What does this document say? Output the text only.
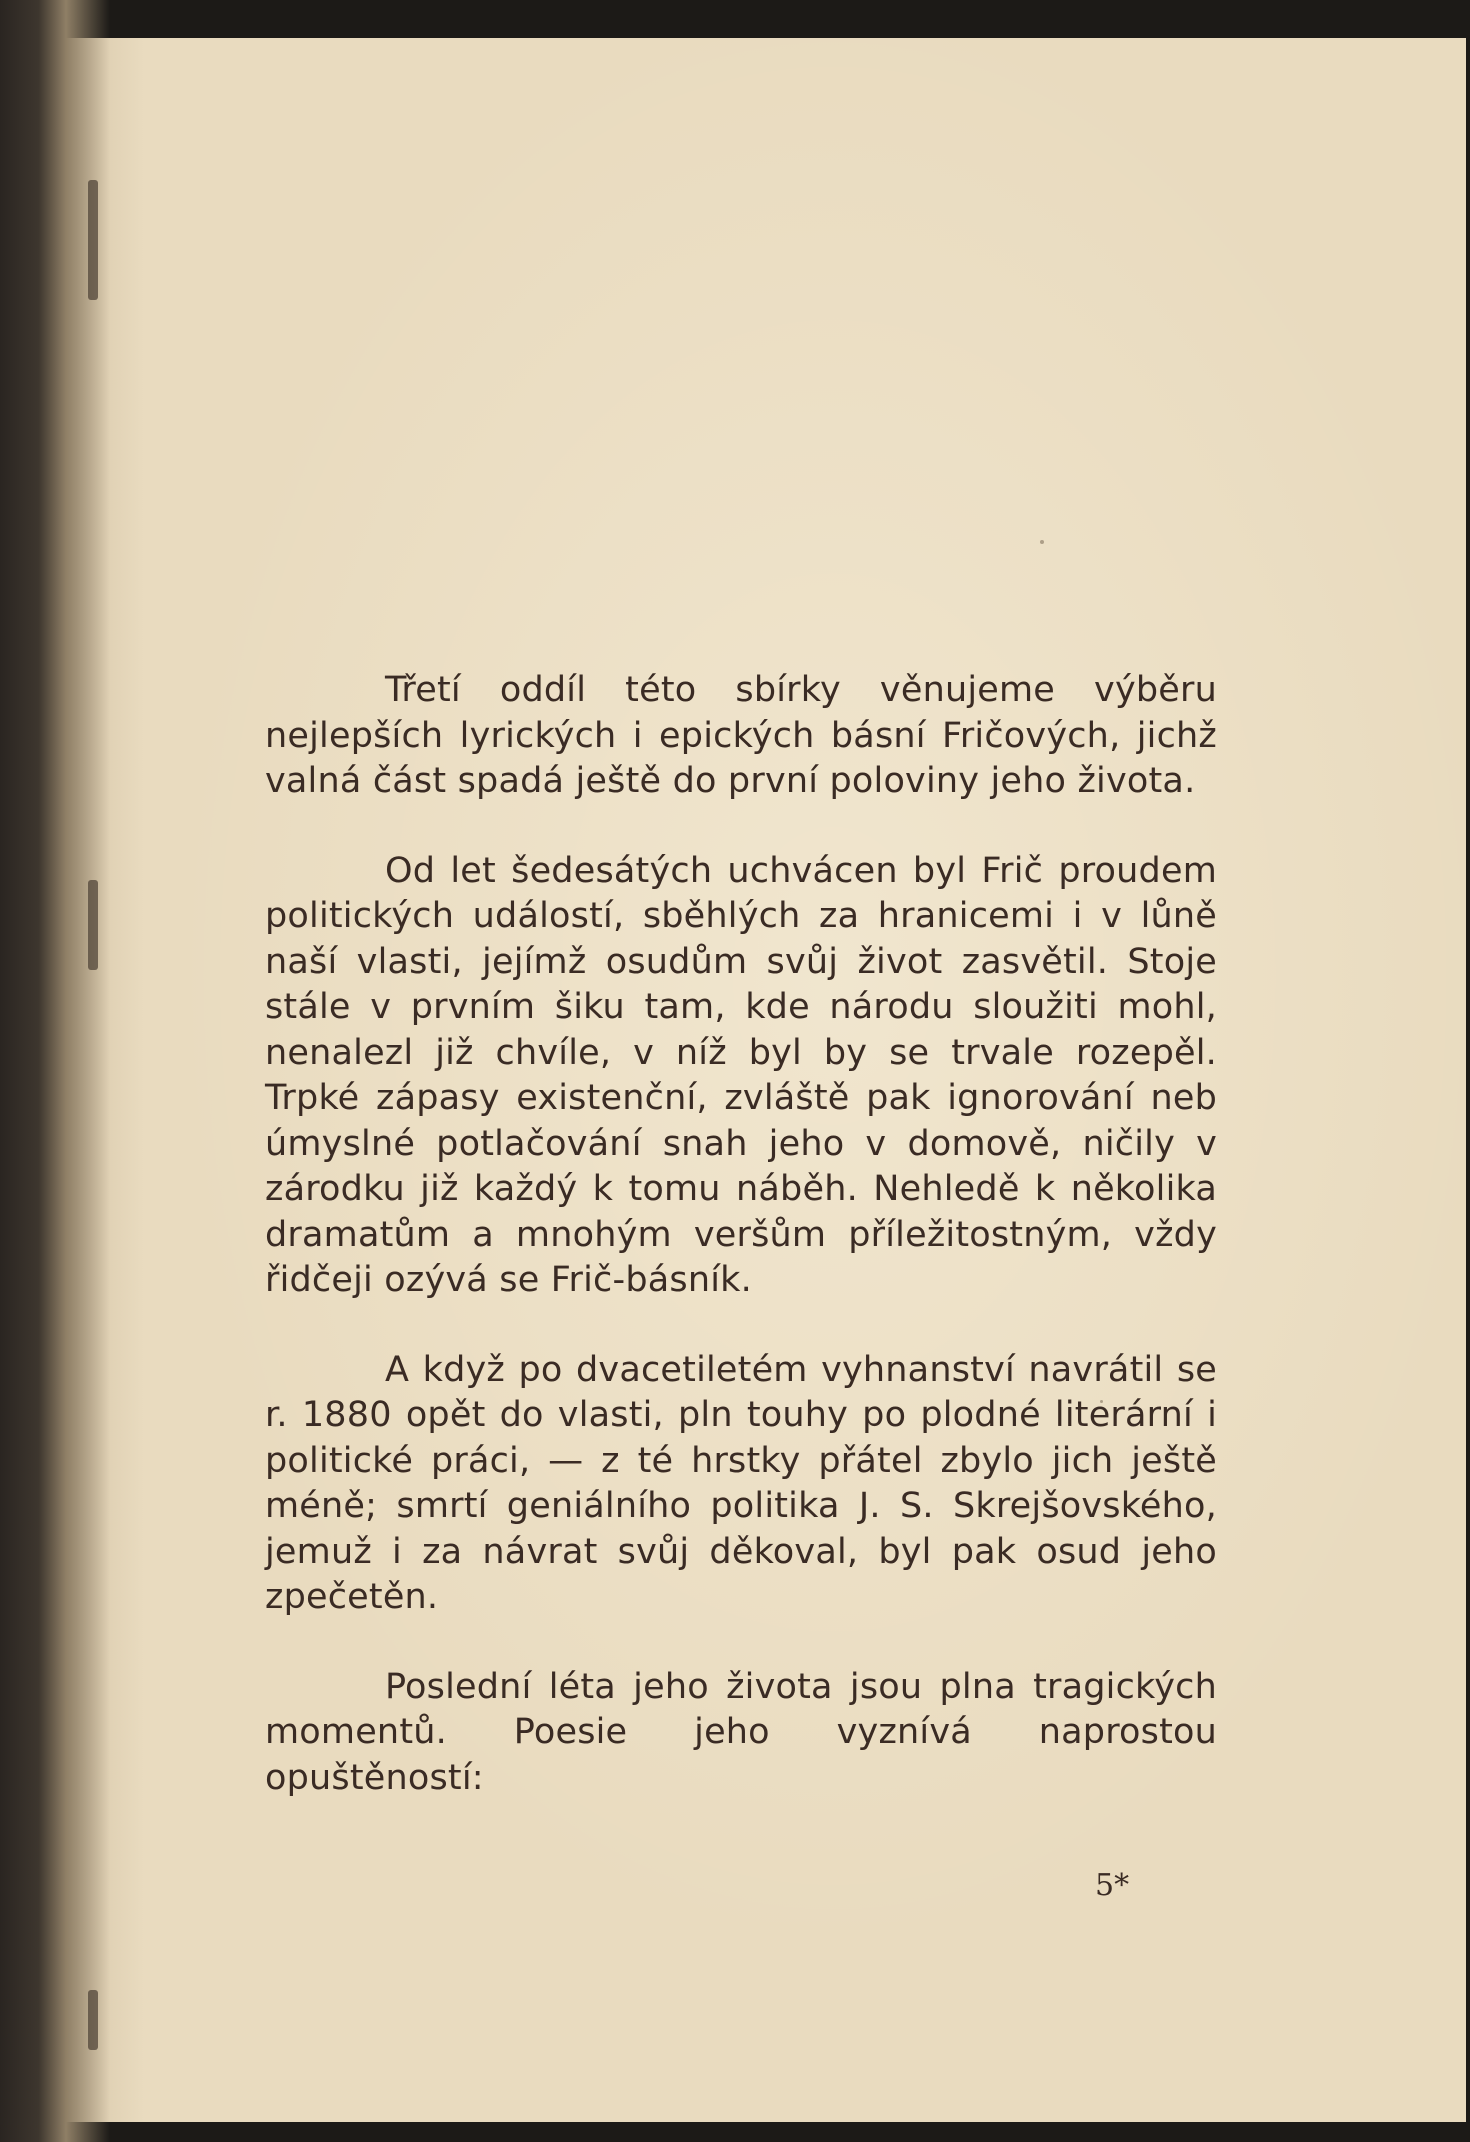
Třetí oddíl této sbírky věnujeme výběru nejlepších lyrických i epických básní Fričových, jichž valná část spadá ještě do první poloviny jeho života.

Od let šedesátých uchvácen byl Frič proudem politických událostí, sběhlých za hranicemi i v lůně naší vlasti, jejímž osudům svůj život zasvětil. Stoje stále v prvním šiku tam, kde národu sloužiti mohl, nenalezl již chvíle, v níž byl by se trvale rozepěl. Trpké zápasy existenční, zvláště pak ignorování neb úmyslné potlačování snah jeho v domově, ničily v zárodku již každý k tomu náběh. Nehledě k několika dramatům a mnohým veršům příležitostným, vždy řidčeji ozývá se Frič-básník.

A když po dvacetiletém vyhnanství navrátil se r. 1880 opět do vlasti, pln touhy po plodné literární i politické práci, — z té hrstky přátel zbylo jich ještě méně; smrtí geniálního politika J. S. Skrejšovského, jemuž i za návrat svůj děkoval, byl pak osud jeho zpečetěn.

Poslední léta jeho života jsou plna tragických momentů. Poesie jeho vyznívá naprostou opuštěností:

5*
